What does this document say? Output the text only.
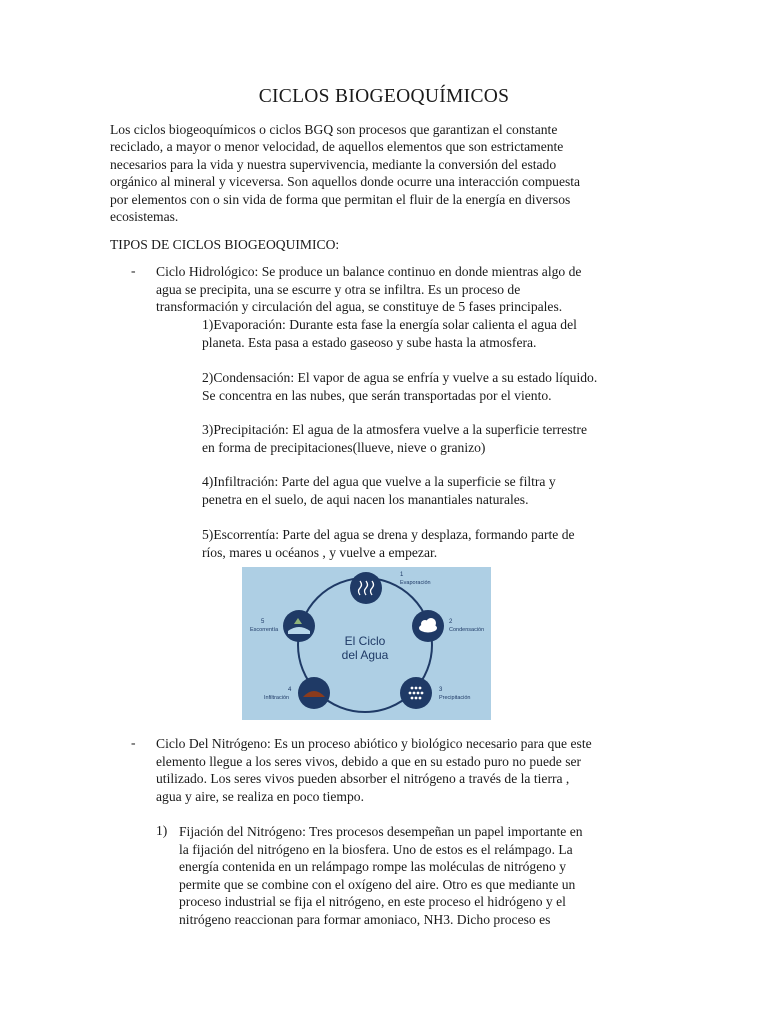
CICLOS BIOGEOQUÍMICOS

Los ciclos biogeoquímicos o ciclos BGQ son procesos que garantizan el constante
reciclado, a mayor o menor velocidad, de aquellos elementos que son estrictamente
necesarios para la vida y nuestra supervivencia, mediante la conversión del estado
orgánico al mineral y viceversa. Son aquellos donde ocurre una interacción compuesta
por elementos con o sin vida de forma que permitan el fluir de la energía en diversos
ecosistemas.

TIPOS DE CICLOS BIOGEOQUIMICO:

- Ciclo Hidrológico: Se produce un balance continuo en donde mientras algo de
agua se precipita, una se escurre y otra se infiltra. Es un proceso de
transformación y circulación del agua, se constituye de 5 fases principales.

1)Evaporación: Durante esta fase la energía solar calienta el agua del
planeta. Esta pasa a estado gaseoso y sube hasta la atmosfera.

2)Condensación: El vapor de agua se enfría y vuelve a su estado líquido.
Se concentra en las nubes, que serán transportadas por el viento.

3)Precipitación: El agua de la atmosfera vuelve a la superficie terrestre
en forma de precipitaciones(llueve, nieve o granizo)

4)Infiltración: Parte del agua que vuelve a la superficie se filtra y
penetra en el suelo, de aqui nacen los manantiales naturales.

5)Escorrentía: Parte del agua se drena y desplaza, formando parte de
ríos, mares u océanos , y vuelve a empezar.

El Ciclo
del Agua
1
Evaporación
2
Condensación
3
Precipitación
4
Infiltración
5
Escorrentía
- Ciclo Del Nitrógeno: Es un proceso abiótico y biológico necesario para que este
elemento llegue a los seres vivos, debido a que en su estado puro no puede ser
utilizado. Los seres vivos pueden absorber el nitrógeno a través de la tierra ,
agua y aire, se realiza en poco tiempo.

1) Fijación del Nitrógeno: Tres procesos desempeñan un papel importante en
la fijación del nitrógeno en la biosfera. Uno de estos es el relámpago. La
energía contenida en un relámpago rompe las moléculas de nitrógeno y
permite que se combine con el oxígeno del aire. Otro es que mediante un
proceso industrial se fija el nitrógeno, en este proceso el hidrógeno y el
nitrógeno reaccionan para formar amoniaco, NH3. Dicho proceso es
